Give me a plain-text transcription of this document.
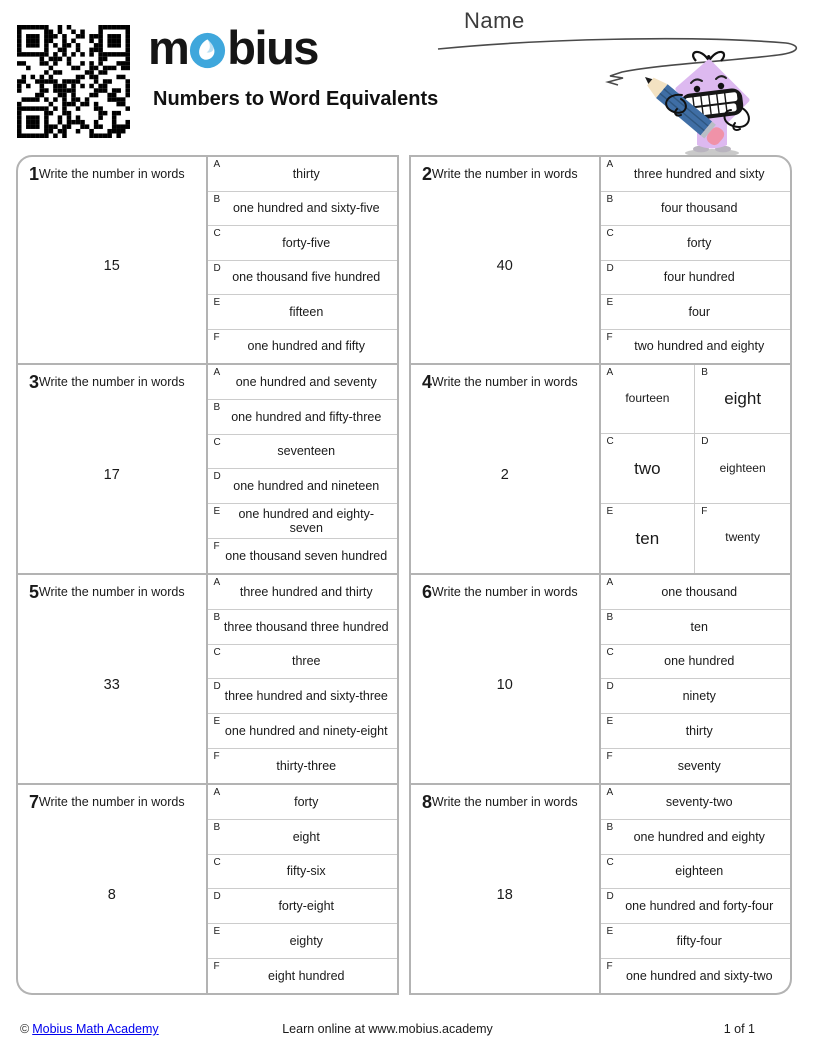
m bius
Numbers to Word Equivalents
Name
1 Write the number in words
15
A
thirty
B
one hundred and sixty-five
C
forty-five
D
one thousand five hundred
E
fifteen
F
one hundred and fifty
2 Write the number in words
40
A
three hundred and sixty
B
four thousand
C
forty
D
four hundred
E
four
F
two hundred and eighty
3 Write the number in words
17
A
one hundred and seventy
B
one hundred and fifty-three
C
seventeen
D
one hundred and nineteen
E	one hundred and eighty-seven
F
one thousand seven hundred
4 Write the number in words
2
A
fourteen
B
eight
C
two
D
eighteen
E
ten
F
twenty
5 Write the number in words
33
A
three hundred and thirty
B
three thousand three hundred
C
three
D
three hundred and sixty-three
E
one hundred and ninety-eight
F
thirty-three
6 Write the number in words
10
A
one thousand
B
ten
C
one hundred
D
ninety
E
thirty
F
seventy
7 Write the number in words
8
A
forty
B
eight
C
fifty-six
D
forty-eight
E
eighty
F
eight hundred
8 Write the number in words
18
A
seventy-two
B
one hundred and eighty
C
eighteen
D
one hundred and forty-four
E
fifty-four
F
one hundred and sixty-two
© Mobius Math Academy	Learn online at www.mobius.academy	1 of 1
